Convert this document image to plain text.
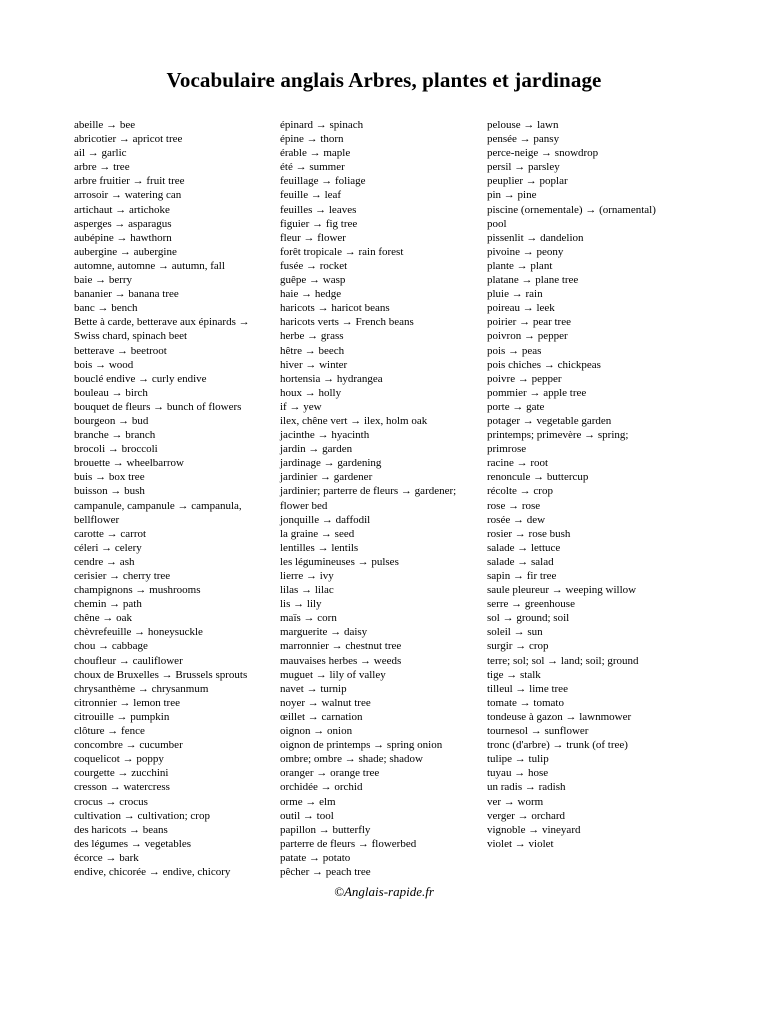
Vocabulaire anglais Arbres, plantes et jardinage
abeille → bee
abricotier → apricot tree
ail → garlic
arbre → tree
arbre fruitier → fruit tree
arrosoir → watering can
artichaut → artichoke
asperges → asparagus
aubépine → hawthorn
aubergine → aubergine
automne, automne → autumn, fall
baie → berry
bananier → banana tree
banc → bench
Bette à carde, betterave aux épinards →
Swiss chard, spinach beet
betterave → beetroot
bois → wood
bouclé endive → curly endive
bouleau → birch
bouquet de fleurs → bunch of flowers
bourgeon → bud
branche → branch
brocoli → broccoli
brouette → wheelbarrow
buis → box tree
buisson → bush
campanule, campanule → campanula,
bellflower
carotte → carrot
céleri → celery
cendre → ash
cerisier → cherry tree
champignons → mushrooms
chemin → path
chêne → oak
chèvrefeuille → honeysuckle
chou → cabbage
choufleur → cauliflower
choux de Bruxelles → Brussels sprouts
chrysanthème → chrysanmum
citronnier → lemon tree
citrouille → pumpkin
clôture → fence
concombre → cucumber
coquelicot → poppy
courgette → zucchini
cresson → watercress
crocus → crocus
cultivation → cultivation; crop
des haricots → beans
des légumes → vegetables
écorce → bark
endive, chicorée → endive, chicory
épinard → spinach
épine → thorn
érable → maple
été → summer
feuillage → foliage
feuille → leaf
feuilles → leaves
figuier → fig tree
fleur → flower
forêt tropicale → rain forest
fusée → rocket
guêpe → wasp
haie → hedge
haricots → haricot beans
haricots verts → French beans
herbe → grass
hêtre → beech
hiver → winter
hortensia → hydrangea
houx → holly
if → yew
ilex, chêne vert → ilex, holm oak
jacinthe → hyacinth
jardin → garden
jardinage → gardening
jardinier → gardener
jardinier; parterre de fleurs → gardener;
flower bed
jonquille → daffodil
la graine → seed
lentilles → lentils
les légumineuses → pulses
lierre → ivy
lilas → lilac
lis → lily
maïs → corn
marguerite → daisy
marronnier → chestnut tree
mauvaises herbes → weeds
muguet → lily of valley
navet → turnip
noyer → walnut tree
œillet → carnation
oignon → onion
oignon de printemps → spring onion
ombre; ombre → shade; shadow
oranger → orange tree
orchidée → orchid
orme → elm
outil → tool
papillon → butterfly
parterre de fleurs → flowerbed
patate → potato
pêcher → peach tree
pelouse → lawn
pensée → pansy
perce-neige → snowdrop
persil → parsley
peuplier → poplar
pin → pine
piscine (ornementale) → (ornamental)
pool
pissenlit → dandelion
pivoine → peony
plante → plant
platane → plane tree
pluie → rain
poireau → leek
poirier → pear tree
poivron → pepper
pois → peas
pois chiches → chickpeas
poivre → pepper
pommier → apple tree
porte → gate
potager → vegetable garden
printemps; primevère → spring;
primrose
racine → root
renoncule → buttercup
récolte → crop
rose → rose
rosée → dew
rosier → rose bush
salade → lettuce
salade → salad
sapin → fir tree
saule pleureur → weeping willow
serre → greenhouse
sol → ground; soil
soleil → sun
surgir → crop
terre; sol; sol → land; soil; ground
tige → stalk
tilleul → lime tree
tomate → tomato
tondeuse à gazon → lawnmower
tournesol → sunflower
tronc (d'arbre) → trunk (of tree)
tulipe → tulip
tuyau → hose
un radis → radish
ver → worm
verger → orchard
vignoble → vineyard
violet → violet
©Anglais-rapide.fr
